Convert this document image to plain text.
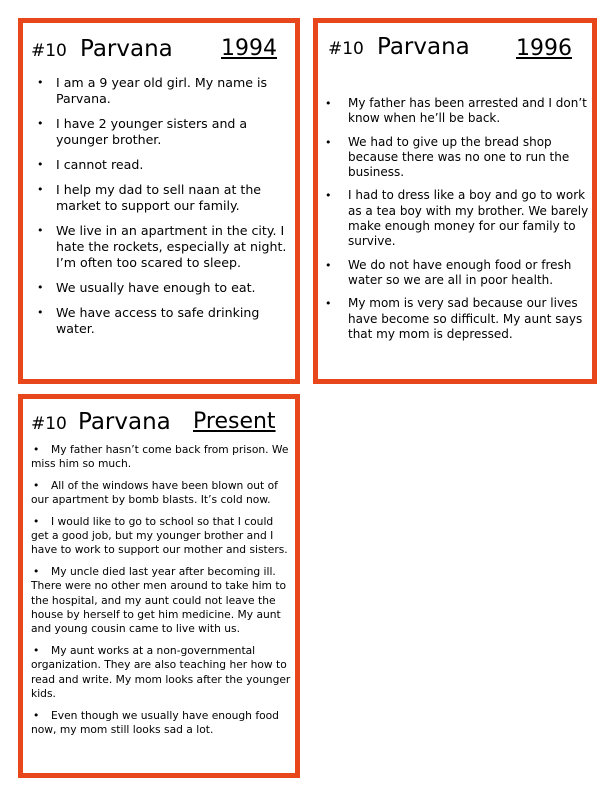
#10 Parvana 1994
• I am a 9 year old girl. My name is Parvana.
• I have 2 younger sisters and a younger brother.
• I cannot read.
• I help my dad to sell naan at the market to support our family.
• We live in an apartment in the city. I hate the rockets, especially at night. I’m often too scared to sleep.
• We usually have enough to eat.
• We have access to safe drinking water.
#10 Parvana 1996
• My father has been arrested and I don’t know when he’ll be back.
• We had to give up the bread shop because there was no one to run the business.
• I had to dress like a boy and go to work as a tea boy with my brother. We barely make enough money for our family to survive.
• We do not have enough food or fresh water so we are all in poor health.
• My mom is very sad because our lives have become so difficult. My aunt says that my mom is depressed.
#10 Parvana Present

• My father hasn’t come back from prison. We miss him so much.

• All of the windows have been blown out of our apartment by bomb blasts. It’s cold now.

• I would like to go to school so that I could get a good job, but my younger brother and I have to work to support our mother and sisters.

• My uncle died last year after becoming ill. There were no other men around to take him to the hospital, and my aunt could not leave the house by herself to get him medicine. My aunt and young cousin came to live with us.

• My aunt works at a non-governmental organization. They are also teaching her how to read and write. My mom looks after the younger kids.

• Even though we usually have enough food now, my mom still looks sad a lot.
